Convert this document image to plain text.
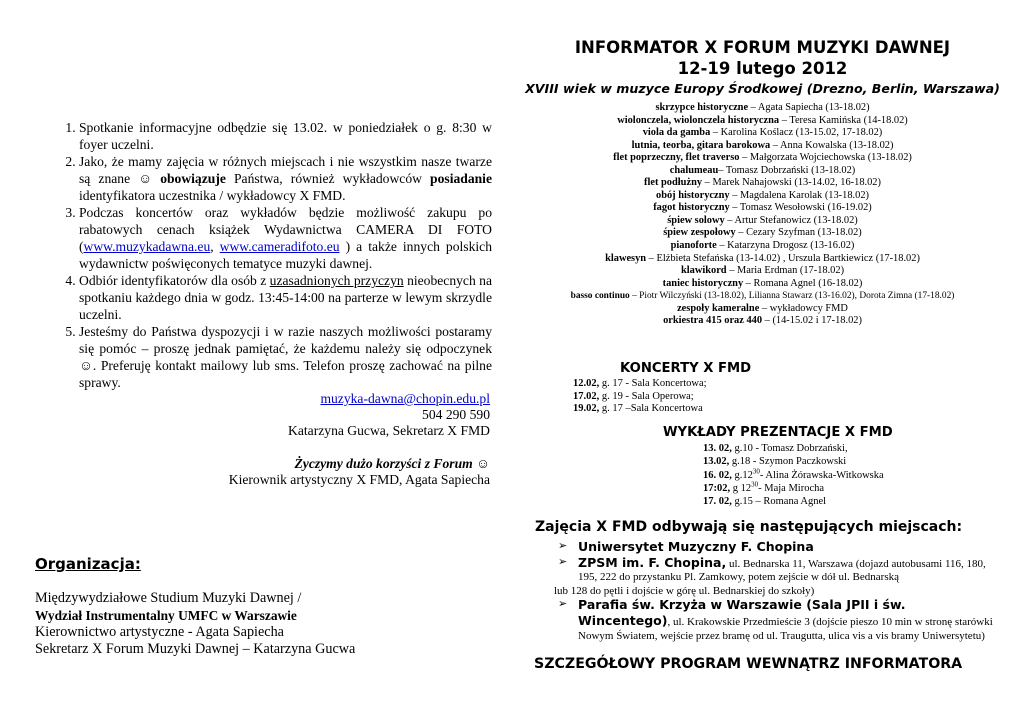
1. Spotkanie informacyjne odbędzie się 13.02. w poniedziałek o g. 8:30 w foyer uczelni.
2. Jako, że mamy zajęcia w różnych miejscach i nie wszystkim nasze twarze są znane ☺ obowiązuje Państwa, również wykładowców posiadanie identyfikatora uczestnika / wykładowcy X FMD.
3. Podczas koncertów oraz wykładów będzie możliwość zakupu po rabatowych cenach książek Wydawnictwa CAMERA DI FOTO (www.muzykadawna.eu, www.cameradifoto.eu ) a także innych polskich wydawnictw poświęconych tematyce muzyki dawnej.
4. Odbiór identyfikatorów dla osób z uzasadnionych przyczyn nieobecnych na spotkaniu każdego dnia w godz. 13:45-14:00 na parterze w lewym skrzydle uczelni.
5. Jesteśmy do Państwa dyspozycji i w razie naszych możliwości postaramy się pomóc – proszę jednak pamiętać, że każdemu należy się odpoczynek ☺. Preferuję kontakt mailowy lub sms. Telefon proszę zachować na pilne sprawy.
muzyka-dawna@chopin.edu.pl
504 290 590
Katarzyna Gucwa, Sekretarz X FMD
Życzymy dużo korzyści z Forum ☺
Kierownik artystyczny X FMD, Agata Sapiecha
Organizacja:
Międzywydziałowe Studium Muzyki Dawnej /
Wydział Instrumentalny UMFC w Warszawie
Kierownictwo artystyczne - Agata Sapiecha
Sekretarz X Forum Muzyki Dawnej – Katarzyna Gucwa
INFORMATOR X FORUM MUZYKI DAWNEJ
12-19 lutego 2012
XVIII wiek w muzyce Europy Środkowej (Drezno, Berlin, Warszawa)
skrzypce historyczne – Agata Sapiecha (13-18.02)
wiolonczela, wiolonczela historyczna – Teresa Kamińska (14-18.02)
viola da gamba – Karolina Koślacz (13-15.02, 17-18.02)
lutnia, teorba, gitara barokowa – Anna Kowalska (13-18.02)
flet poprzeczny, flet traverso – Małgorzata Wojciechowska (13-18.02)
chalumeau– Tomasz Dobrzański (13-18.02)
flet podłużny – Marek Nahajowski (13-14.02, 16-18.02)
obój historyczny – Magdalena Karolak (13-18.02)
fagot historyczny – Tomasz Wesołowski (16-19.02)
śpiew solowy – Artur Stefanowicz (13-18.02)
śpiew zespołowy – Cezary Szyfman (13-18.02)
pianoforte – Katarzyna Drogosz (13-16.02)
klawesyn – Elżbieta Stefańska (13-14.02) , Urszula Bartkiewicz (17-18.02)
klawikord – Maria Erdman (17-18.02)
taniec historyczny – Romana Agnel (16-18.02)
basso continuo – Piotr Wilczyński (13-18.02), Lilianna Stawarz (13-16.02), Dorota Zimna (17-18.02)
zespoły kameralne – wykładowcy FMD
orkiestra 415 oraz 440 – (14-15.02 i 17-18.02)
KONCERTY X FMD
12.02, g. 17 - Sala Koncertowa;
17.02, g. 19 - Sala Operowa;
19.02, g. 17 –Sala Koncertowa
WYKŁADY PREZENTACJE X FMD
13. 02, g.10 - Tomasz Dobrzański,
13.02, g.18 - Szymon Paczkowski
16. 02, $g.12^{30}-$ Alina Żórawska-Witkowska
17:02, g $12^{30}-$ Maja Mirocha
17. 02, g.15 – Romana Agnel
Zajęcia X FMD odbywają się następujących miejscach:
➢ Uniwersytet Muzyczny F. Chopina
➢ ZPSM im. F. Chopina, ul. Bednarska 11, Warszawa (dojazd autobusami 116, 180, 195, 222 do przystanku Pl. Zamkowy, potem zejście w dół ul. Bednarską
lub 128 do pętli i dojście w górę ul. Bednarskiej do szkoły)
➢ Parafia św. Krzyża w Warszawie (Sala JPII i św. Wincentego), ul. Krakowskie Przedmieście 3 (dojście pieszo 10 min w stronę starówki Nowym Światem, wejście przez bramę od ul. Traugutta, ulica vis a vis bramy Uniwersytetu)
SZCZEGÓŁOWY PROGRAM WEWNĄTRZ INFORMATORA
